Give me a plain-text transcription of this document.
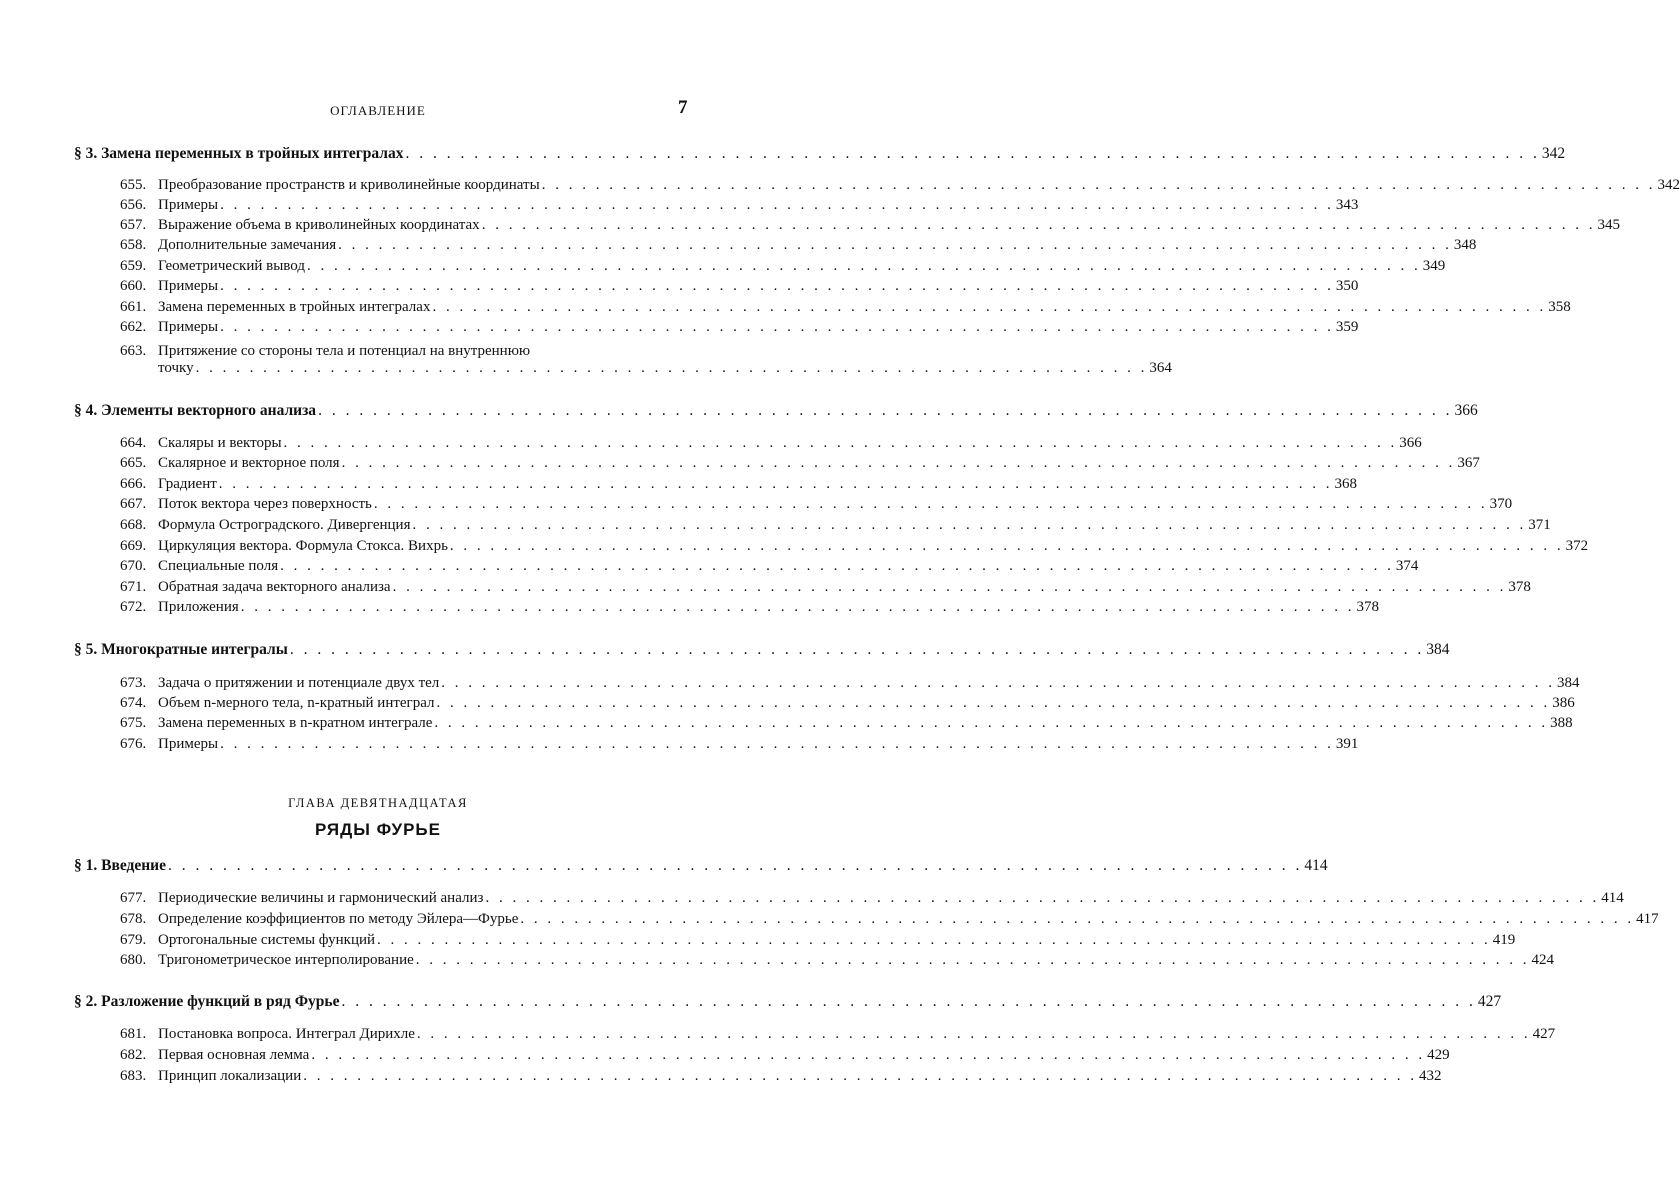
ОГЛАВЛЕНИЕ	7
§ 3. Замена переменных в тройных интегралах . . .	342
655. Преобразование пространств и криволинейные координаты . . .	342
656. Примеры . . .	343
657. Выражение объема в криволинейных координатах . . .	345
658. Дополнительные замечания . . .	348
659. Геометрический вывод . . .	349
660. Примеры . . .	350
661. Замена переменных в тройных интегралах . . .	358
662. Примеры . . .	359
663. Притяжение со стороны тела и потенциал на внутреннюю
точку . . .	364
§ 4. Элементы векторного анализа . . .	366
664. Скаляры и векторы . . .	366
665. Скалярное и векторное поля . . .	367
666. Градиент . . .	368
667. Поток вектора через поверхность . . .	370
668. Формула Остроградского. Дивергенция . . .	371
669. Циркуляция вектора. Формула Стокса. Вихрь . . .	372
670. Специальные поля . . .	374
671. Обратная задача векторного анализа . . .	378
672. Приложения . . .	378
§ 5. Многократные интегралы . . .	384
673. Задача о притяжении и потенциале двух тел . . .	384
674. Объем n-мерного тела, n-кратный интеграл . . .	386
675. Замена переменных в n-кратном интеграле . . .	388
676. Примеры . . .	391
ГЛАВА ДЕВЯТНАДЦАТАЯ
РЯДЫ ФУРЬЕ
§ 1. Введение . . .	414
677. Периодические величины и гармонический анализ . . .	414
678. Определение коэффициентов по методу Эйлера—Фурье . . .	417
679. Ортогональные системы функций . . .	419
680. Тригонометрическое интерполирование . . .	424
§ 2. Разложение функций в ряд Фурье . . .	427
681. Постановка вопроса. Интеграл Дирихле . . .	427
682. Первая основная лемма . . .	429
683. Принцип локализации . . .	432
